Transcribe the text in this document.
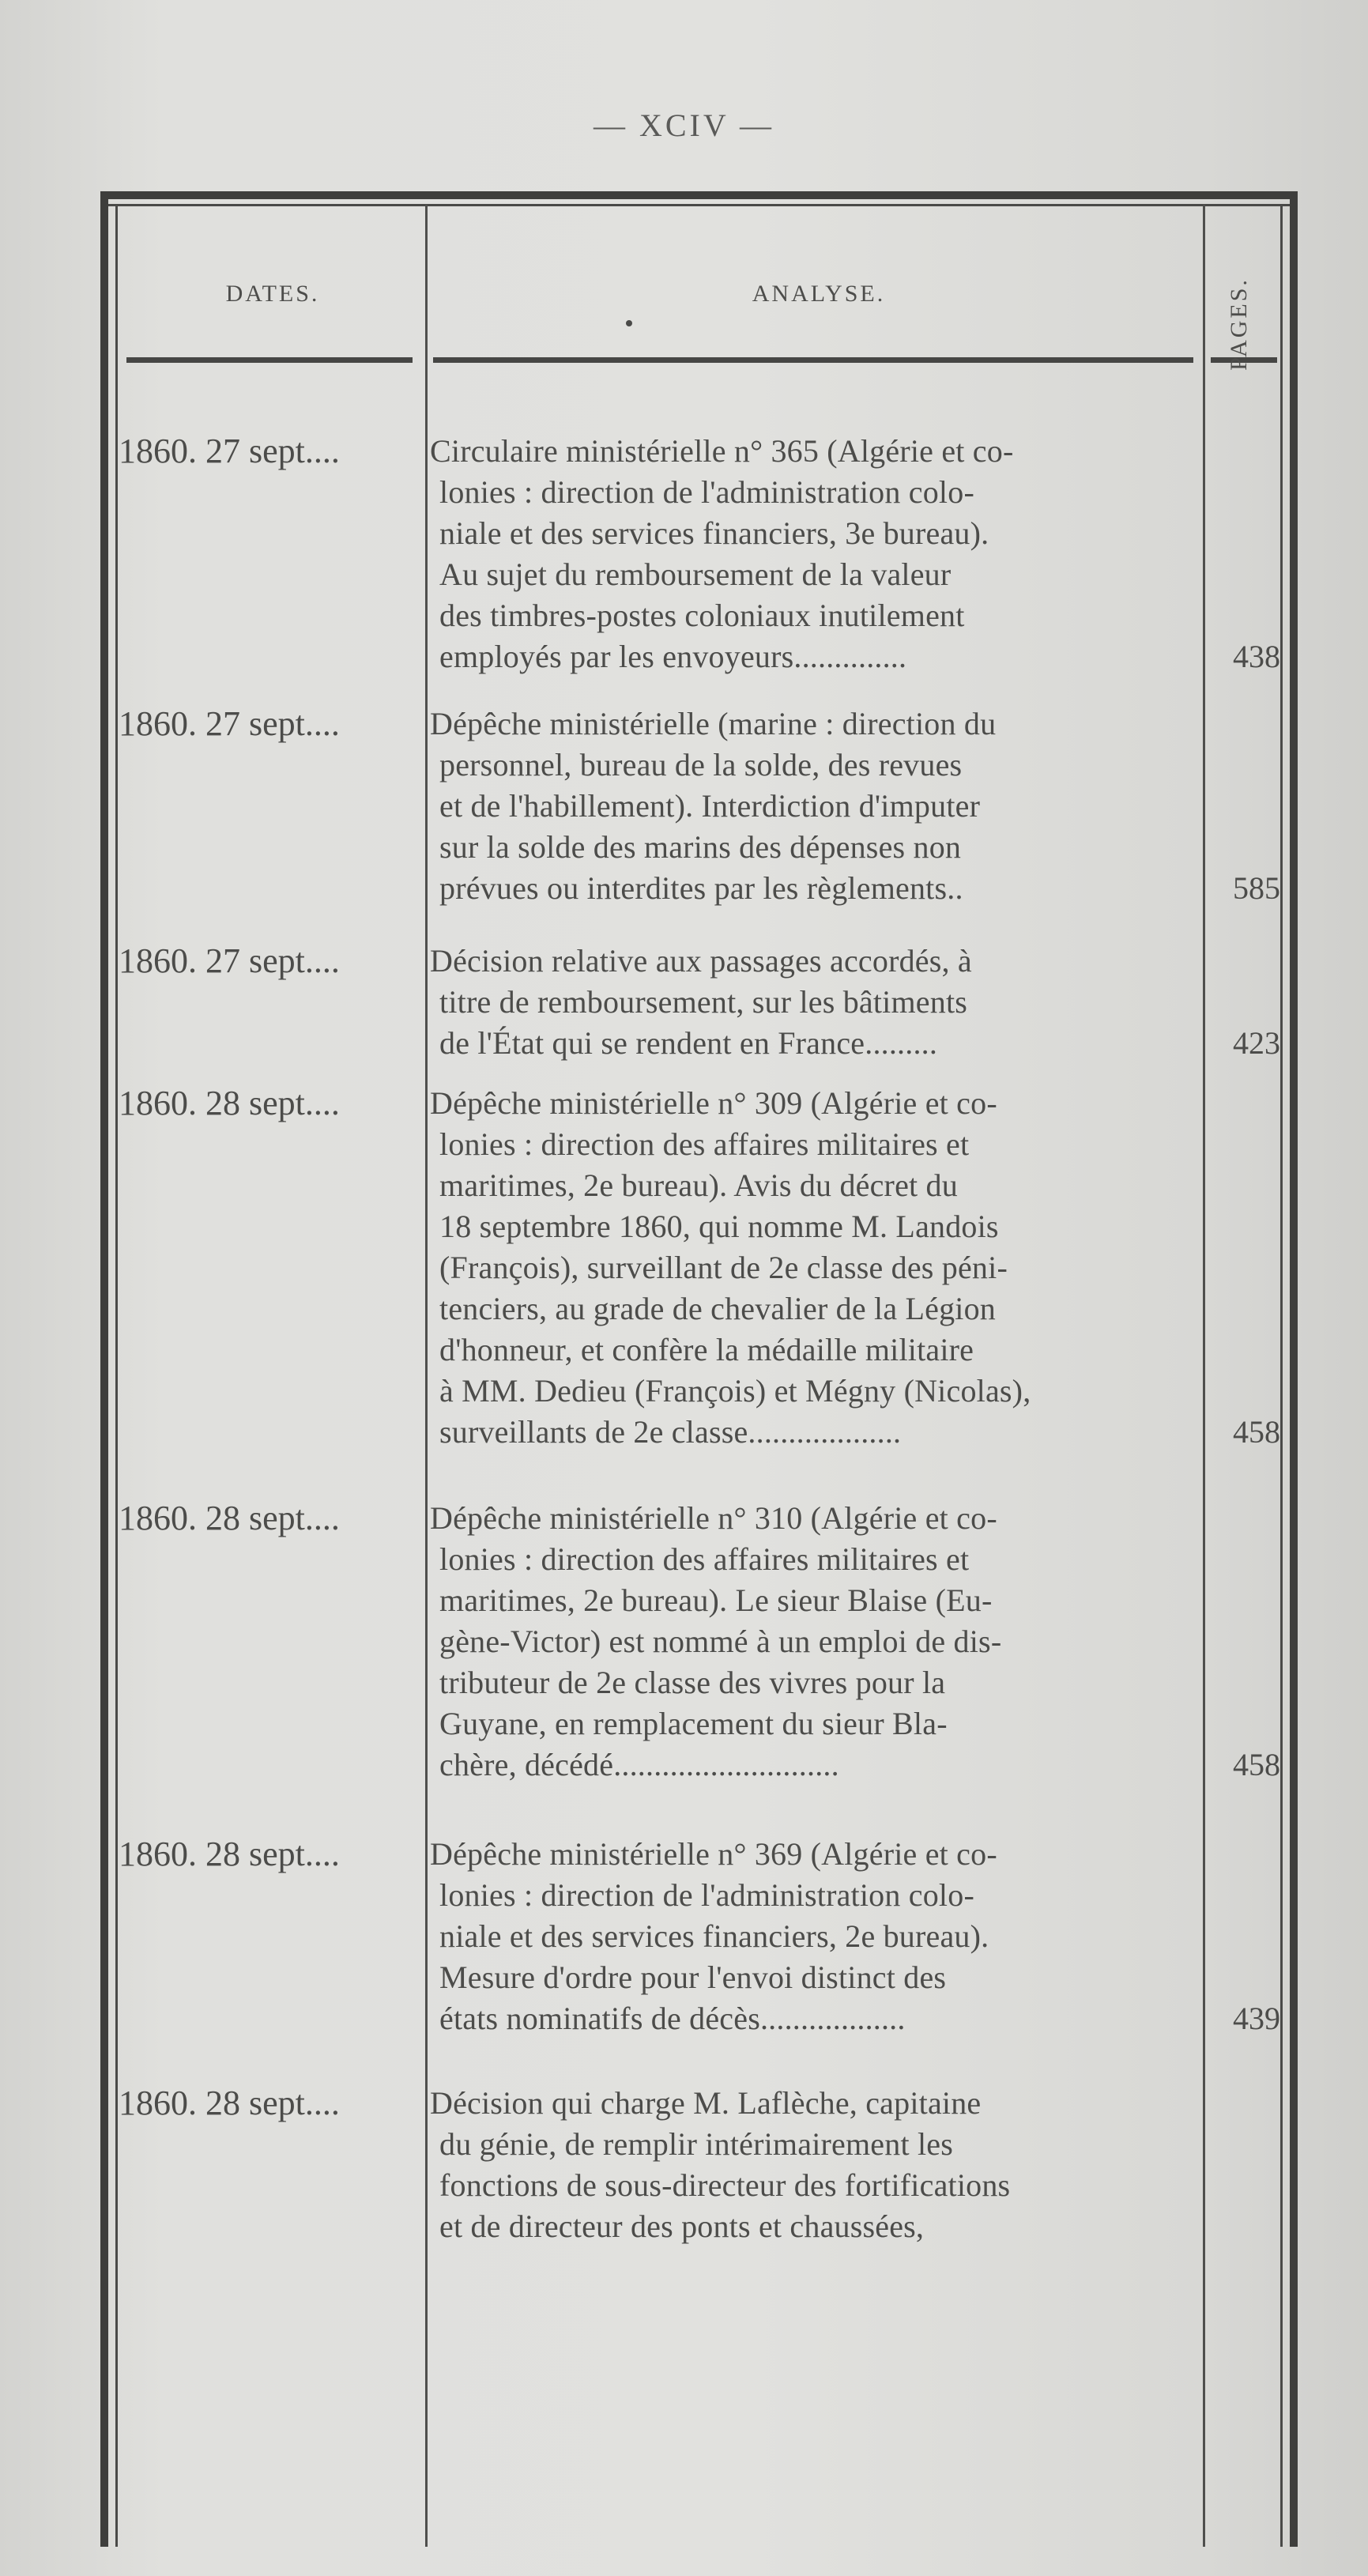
— XCIV —
DATES.	ANALYSE.	PAGES.
1860. 27 sept....	Circulaire ministérielle n° 365 (Algérie et co-
lonies : direction de l'administration colo-
niale et des services financiers, 3e bureau).
Au sujet du remboursement de la valeur
des timbres-postes coloniaux inutilement
employés par les envoyeurs..............	438
1860. 27 sept....	Dépêche ministérielle (marine : direction du
personnel, bureau de la solde, des revues
et de l'habillement). Interdiction d'imputer
sur la solde des marins des dépenses non
prévues ou interdites par les règlements..	585
1860. 27 sept....	Décision relative aux passages accordés, à
titre de remboursement, sur les bâtiments
de l'État qui se rendent en France.........	423
1860. 28 sept....	Dépêche ministérielle n° 309 (Algérie et co-
lonies : direction des affaires militaires et
maritimes, 2e bureau). Avis du décret du
18 septembre 1860, qui nomme M. Landois
(François), surveillant de 2e classe des péni-
tenciers, au grade de chevalier de la Légion
d'honneur, et confère la médaille militaire
à MM. Dedieu (François) et Mégny (Nicolas),
surveillants de 2e classe...................	458
1860. 28 sept....	Dépêche ministérielle n° 310 (Algérie et co-
lonies : direction des affaires militaires et
maritimes, 2e bureau). Le sieur Blaise (Eu-
gène-Victor) est nommé à un emploi de dis-
tributeur de 2e classe des vivres pour la
Guyane, en remplacement du sieur Bla-
chère, décédé............................	458
1860. 28 sept....	Dépêche ministérielle n° 369 (Algérie et co-
lonies : direction de l'administration colo-
niale et des services financiers, 2e bureau).
Mesure d'ordre pour l'envoi distinct des
états nominatifs de décès..................	439
1860. 28 sept....	Décision qui charge M. Laflèche, capitaine
du génie, de remplir intérimairement les
fonctions de sous-directeur des fortifications
et de directeur des ponts et chaussées,
